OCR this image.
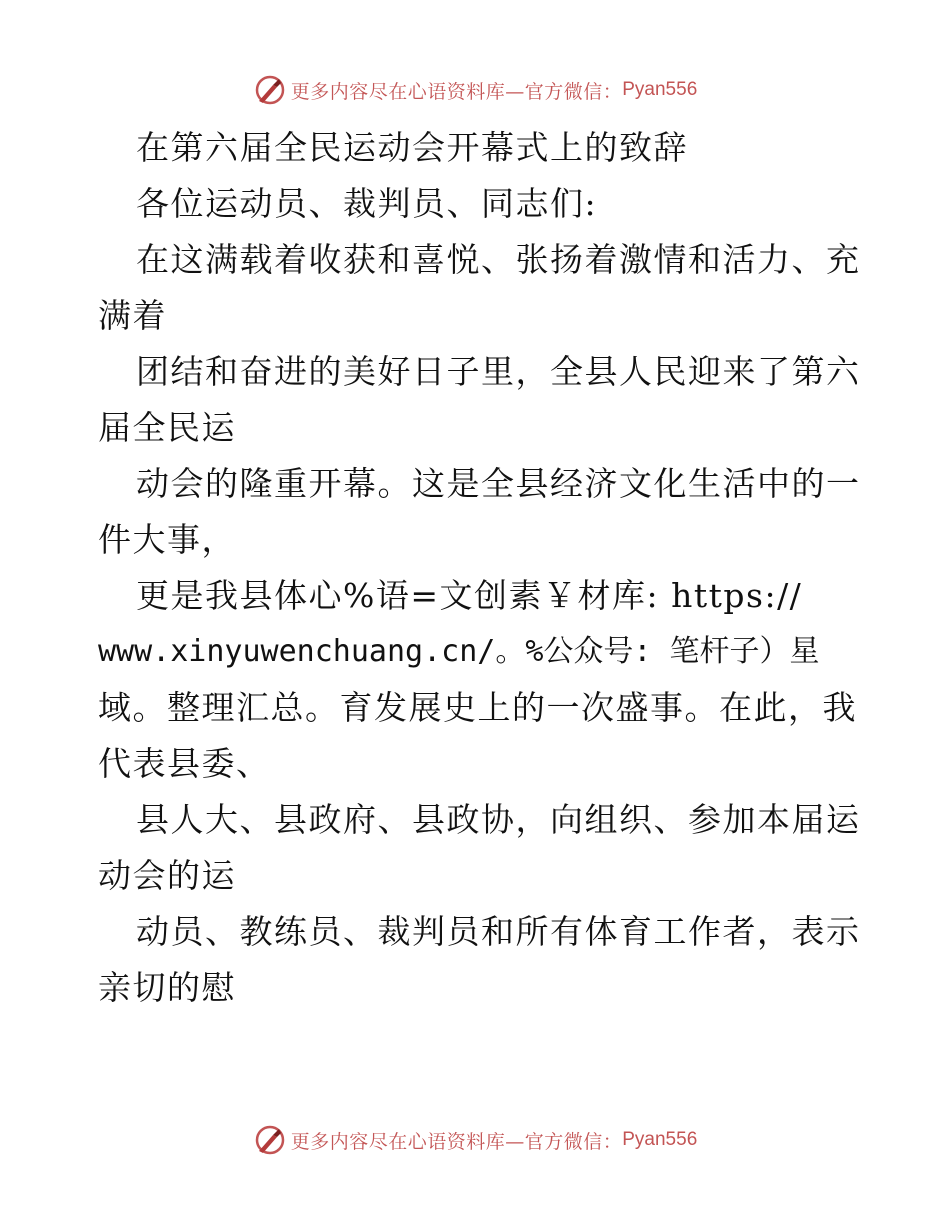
更多内容尽在心语资料库—官方微信： Pyan556
在第六届全民运动会开幕式上的致辞
各位运动员、裁判员、同志们:
在这满载着收获和喜悦、张扬着激情和活力、充
满着
团结和奋进的美好日子里，全县人民迎来了第六
届全民运
动会的隆重开幕。这是全县经济文化生活中的一
件大事，
更是我县体心%语=文创素￥材库: https://
www.xinyuwenchuang.cn/。%公众号: 笔杆子）星
域。整理汇总。育发展史上的一次盛事。在此，我
代表县委、
县人大、县政府、县政协，向组织、参加本届运
动会的运
动员、教练员、裁判员和所有体育工作者，表示
亲切的慰
更多内容尽在心语资料库—官方微信： Pyan556
